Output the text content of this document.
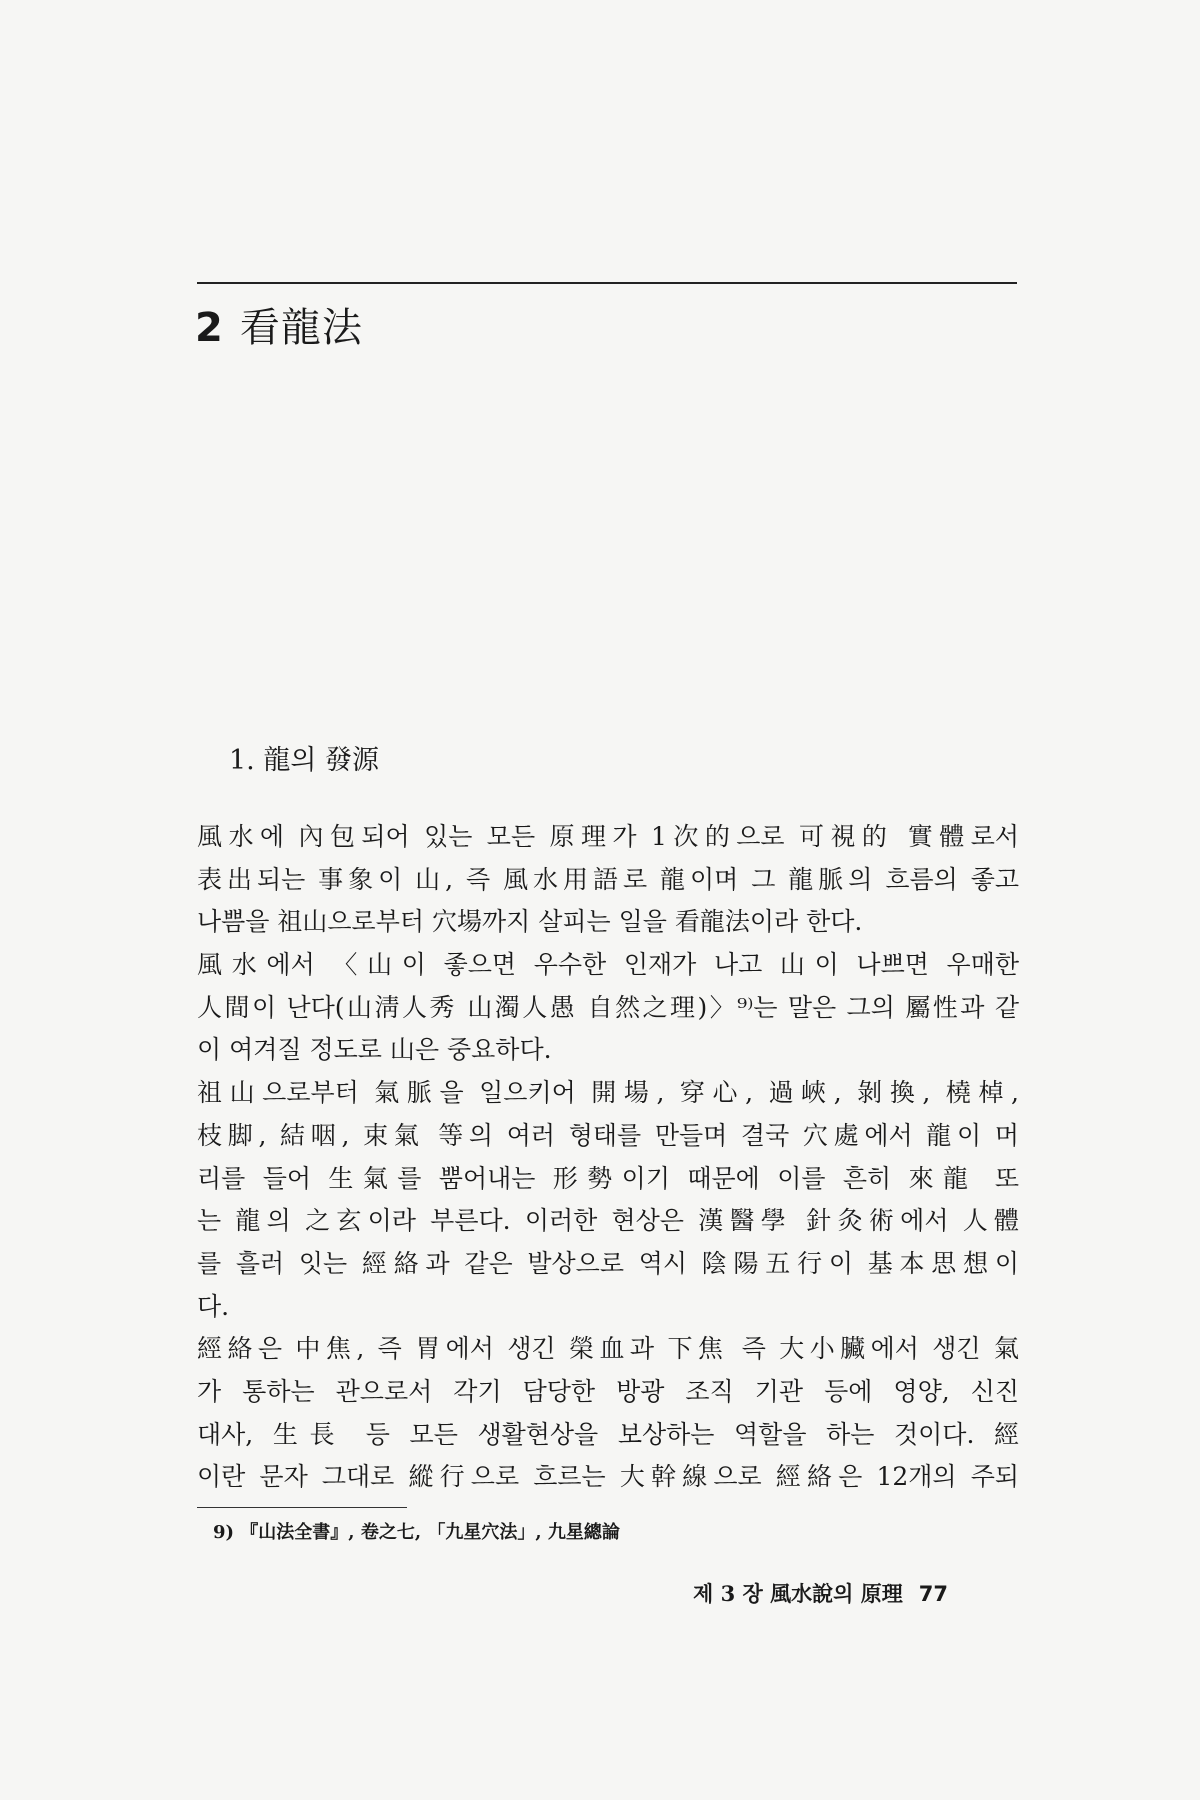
2 看龍法
1. 龍의 發源
風水에 內包되어 있는 모든 原理가 1次的으로 可視的 實體로서
表出되는 事象이 山, 즉 風水用語로 龍이며 그 龍脈의 흐름의 좋고
나쁨을 祖山으로부터 穴場까지 살피는 일을 看龍法이라 한다.
風水에서 〈山이 좋으면 우수한 인재가 나고 山이 나쁘면 우매한
人間이 난다(山淸人秀 山濁人愚 自然之理)〉⁹⁾는 말은 그의 屬性과 같
이 여겨질 정도로 山은 중요하다.
祖山으로부터 氣脈을 일으키어 開場, 穿心, 過峽, 剝換, 橈棹,
枝脚, 結咽, 束氣 等의 여러 형태를 만들며 결국 穴處에서 龍이 머
리를 들어 生氣를 뿜어내는 形勢이기 때문에 이를 흔히 來龍 또
는 龍의 之玄이라 부른다. 이러한 현상은 漢醫學 針灸術에서 人體
를 흘러 잇는 經絡과 같은 발상으로 역시 陰陽五行이 基本思想이
다.
經絡은 中焦, 즉 胃에서 생긴 榮血과 下焦 즉 大小臟에서 생긴 氣
가 통하는 관으로서 각기 담당한 방광 조직 기관 등에 영양, 신진
대사, 生長 등 모든 생활현상을 보상하는 역할을 하는 것이다. 經
이란 문자 그대로 縱行으로 흐르는 大幹線으로 經絡은 12개의 주되
9) 『山法全書』, 卷之七, 「九星穴法」, 九星總論
제 3 장 風水說의 原理 77
